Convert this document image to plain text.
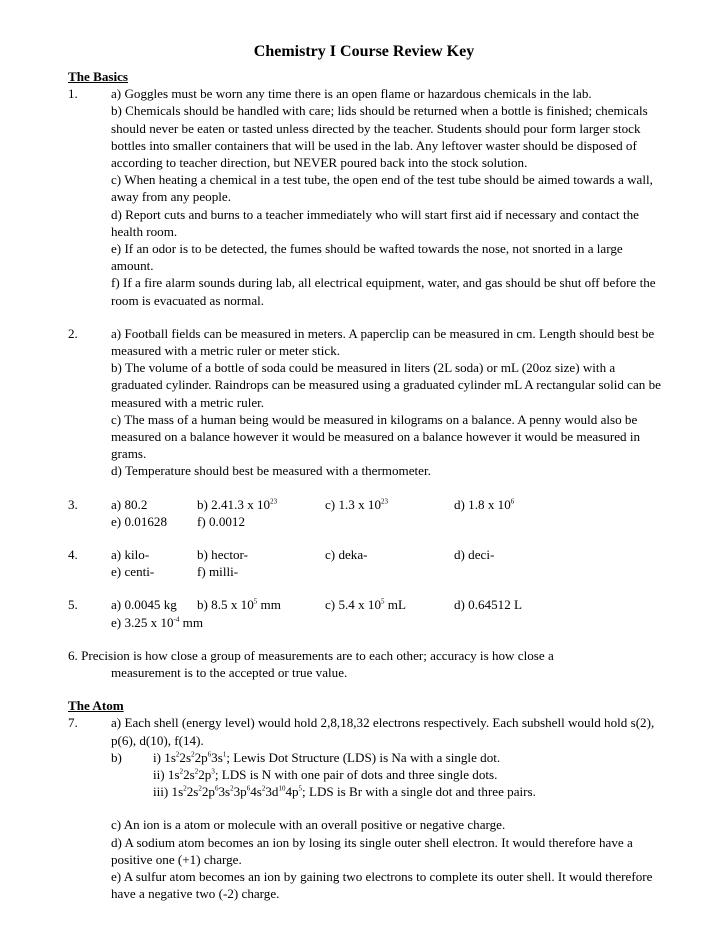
Chemistry I Course Review Key

The Basics

1.	a) Goggles must be worn any time there is an open flame or hazardous chemicals in the lab.

b) Chemicals should be handled with care; lids should be returned when a bottle is finished; chemicals should never be eaten or tasted unless directed by the teacher. Students should pour form larger stock bottles into smaller containers that will be used in the lab. Any leftover waster should be disposed of according to teacher direction, but NEVER poured back into the stock solution.

c) When heating a chemical in a test tube, the open end of the test tube should be aimed towards a wall, away from any people.

d) Report cuts and burns to a teacher immediately who will start first aid if necessary and contact the health room.

e) If an odor is to be detected, the fumes should be wafted towards the nose, not snorted in a large amount.

f) If a fire alarm sounds during lab, all electrical equipment, water, and gas should be shut off before the room is evacuated as normal.

2.	a) Football fields can be measured in meters. A paperclip can be measured in cm. Length should best be measured with a metric ruler or meter stick.

b) The volume of a bottle of soda could be measured in liters (2L soda) or mL (20oz size) with a graduated cylinder. Raindrops can be measured using a graduated cylinder mL A rectangular solid can be measured with a metric ruler.

c) The mass of a human being would be measured in kilograms on a balance. A penny would also be measured on a balance however it would be measured on a balance however it would be measured in grams.

d) Temperature should best be measured with a thermometer.

3.	a) 80.2	b) 2.41.3 x $10^{23}$	c) 1.3 x $10^{23}$	d) 1.8 x $10^6$
e) 0.01628 f) 0.0012
4.	a) kilo-	b) hector-	c) deka-	d) deci-
e) centi-	f) milli-
5.	a) 0.0045 kg b) 8.5 x $10^5$ mm	c) 5.4 x $10^5$ mL	d) 0.64512 L
e) 3.25 x $10^{-4}$ mm

6. Precision is how close a group of measurements are to each other; accuracy is how close a

measurement is to the accepted or true value.

The Atom

7.	a) Each shell (energy level) would hold 2,8,18,32 electrons respectively. Each subshell would hold s(2), p(6), d(10), f(14).

b) i) $1s^22s^22p^63s^1$; Lewis Dot Structure (LDS) is Na with a single dot.

ii) $1s^22s^22p^3$; LDS is N with one pair of dots and three single dots.

iii) $1s^22s^22p^63s^23p^64s^23d^{10}4p^5$; LDS is Br with a single dot and three pairs.

c) An ion is a atom or molecule with an overall positive or negative charge.

d) A sodium atom becomes an ion by losing its single outer shell electron. It would therefore have a positive one (+1) charge.

e) A sulfur atom becomes an ion by gaining two electrons to complete its outer shell. It would therefore have a negative two (-2) charge.
